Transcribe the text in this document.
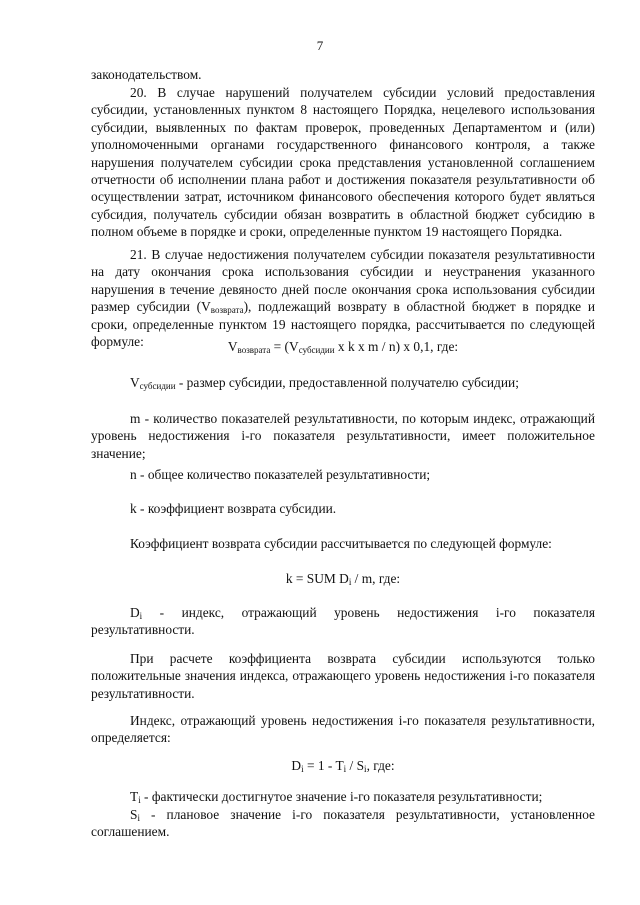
7
законодательством.
20. В случае нарушений получателем субсидии условий предоставления субсидии, установленных пунктом 8 настоящего Порядка, нецелевого использования субсидии, выявленных по фактам проверок, проведенных Департаментом и (или) уполномоченными органами государственного финансового контроля, а также нарушения получателем субсидии срока представления установленной соглашением отчетности об исполнении плана работ и достижения показателя результативности об осуществлении затрат, источником финансового обеспечения которого будет являться субсидия, получатель субсидии обязан возвратить в областной бюджет субсидию в полном объеме в порядке и сроки, определенные пунктом 19 настоящего Порядка.
21. В случае недостижения получателем субсидии показателя результативности на дату окончания срока использования субсидии и неустранения указанного нарушения в течение девяносто дней после окончания срока использования субсидии размер субсидии $(V_{возврата})$, подлежащий возврату в областной бюджет в порядке и сроки, определенные пунктом 19 настоящего порядка, рассчитывается по следующей формуле:	$V_{возврата} = (V_{субсидии}$ x k x m / n) x 0,1, где:
$V_{субсидии}$ - размер субсидии, предоставленной получателю субсидии;
m - количество показателей результативности, по которым индекс, отражающий уровень недостижения i-го показателя результативности, имеет положительное значение;
n - общее количество показателей результативности;
k - коэффициент возврата субсидии.
Коэффициент возврата субсидии рассчитывается по следующей формуле:
k = SUM $D_i$ / m, где:
$D_i$ - индекс, отражающий уровень недостижения i-го показателя результативности.
При расчете коэффициента возврата субсидии используются только положительные значения индекса, отражающего уровень недостижения i-го показателя результативности.
Индекс, отражающий уровень недостижения i-го показателя результативности, определяется:
$D_i = 1 - T_i / S_i$, где:
$T_i$ - фактически достигнутое значение i-го показателя результативности;
$S_i$ - плановое значение i-го показателя результативности, установленное соглашением.
